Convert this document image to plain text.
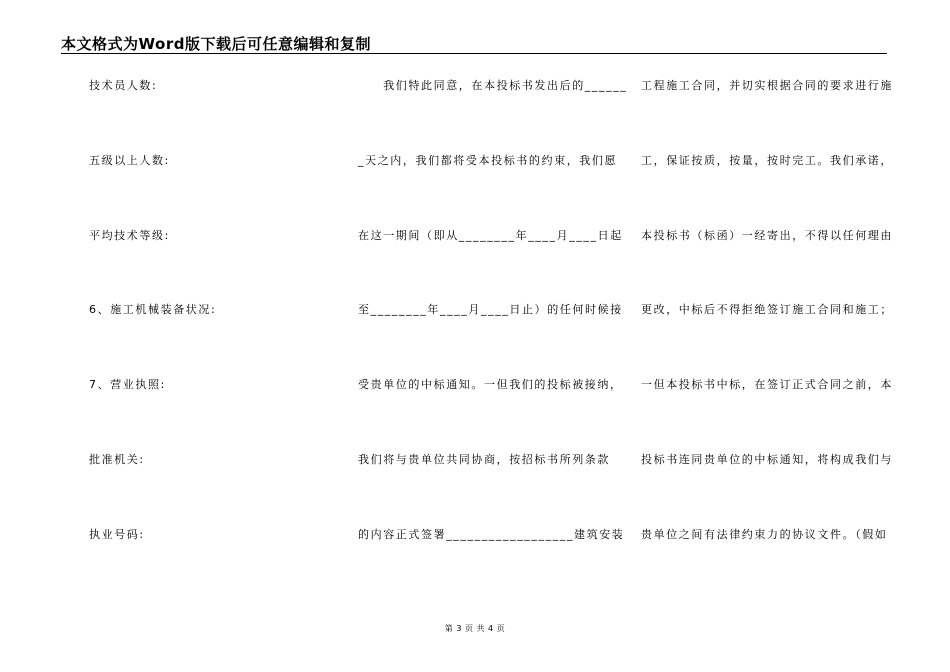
本文格式为Word版下载后可任意编辑和复制
技术员人数:
五级以上人数:
平均技术等级:
6、施工机械装备状况:
7、营业执照:
批准机关:
执业号码:
　　我们特此同意，在本投标书发出后的______
_天之内，我们都将受本投标书的约束，我们愿
在这一期间（即从________年____月____日起
至________年____月____日止）的任何时候接
受贵单位的中标通知。一但我们的投标被接纳，
我们将与贵单位共同协商，按招标书所列条款
的内容正式签署__________________建筑安装
工程施工合同，并切实根据合同的要求进行施
工，保证按质，按量，按时完工。我们承诺，
本投标书（标函）一经寄出，不得以任何理由
更改，中标后不得拒绝签订施工合同和施工；
一但本投标书中标，在签订正式合同之前，本
投标书连同贵单位的中标通知，将构成我们与
贵单位之间有法律约束力的协议文件。（假如
第 3 页 共 4 页
